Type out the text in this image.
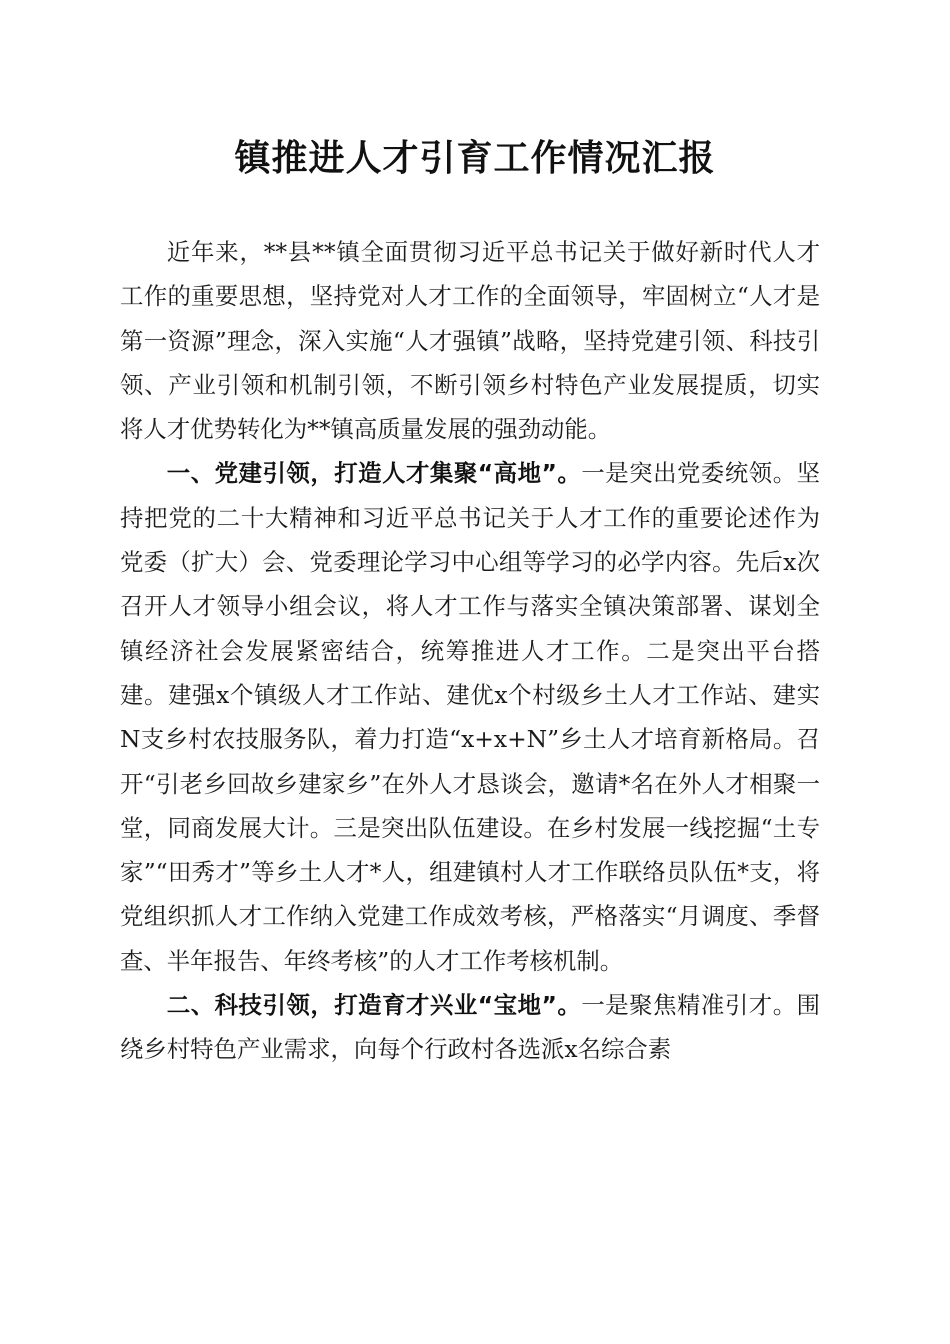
镇推进人才引育工作情况汇报

近年来，**县**镇全面贯彻习近平总书记关于做好新时代人才工作的重要思想，坚持党对人才工作的全面领导，牢固树立“人才是第一资源”理念，深入实施“人才强镇”战略，坚持党建引领、科技引领、产业引领和机制引领，不断引领乡村特色产业发展提质，切实将人才优势转化为**镇高质量发展的强劲动能。

一、党建引领，打造人才集聚“高地”。一是突出党委统领。坚持把党的二十大精神和习近平总书记关于人才工作的重要论述作为党委（扩大）会、党委理论学习中心组等学习的必学内容。先后x次召开人才领导小组会议，将人才工作与落实全镇决策部署、谋划全镇经济社会发展紧密结合，统筹推进人才工作。二是突出平台搭建。建强x个镇级人才工作站、建优x个村级乡土人才工作站、建实N支乡村农技服务队，着力打造“x+x+N”乡土人才培育新格局。召开“引老乡回故乡建家乡”在外人才恳谈会，邀请*名在外人才相聚一堂，同商发展大计。三是突出队伍建设。在乡村发展一线挖掘“土专家”“田秀才”等乡土人才*人，组建镇村人才工作联络员队伍*支，将党组织抓人才工作纳入党建工作成效考核，严格落实“月调度、季督查、半年报告、年终考核”的人才工作考核机制。

二、科技引领，打造育才兴业“宝地”。一是聚焦精准引才。围绕乡村特色产业需求，向每个行政村各选派x名综合素
